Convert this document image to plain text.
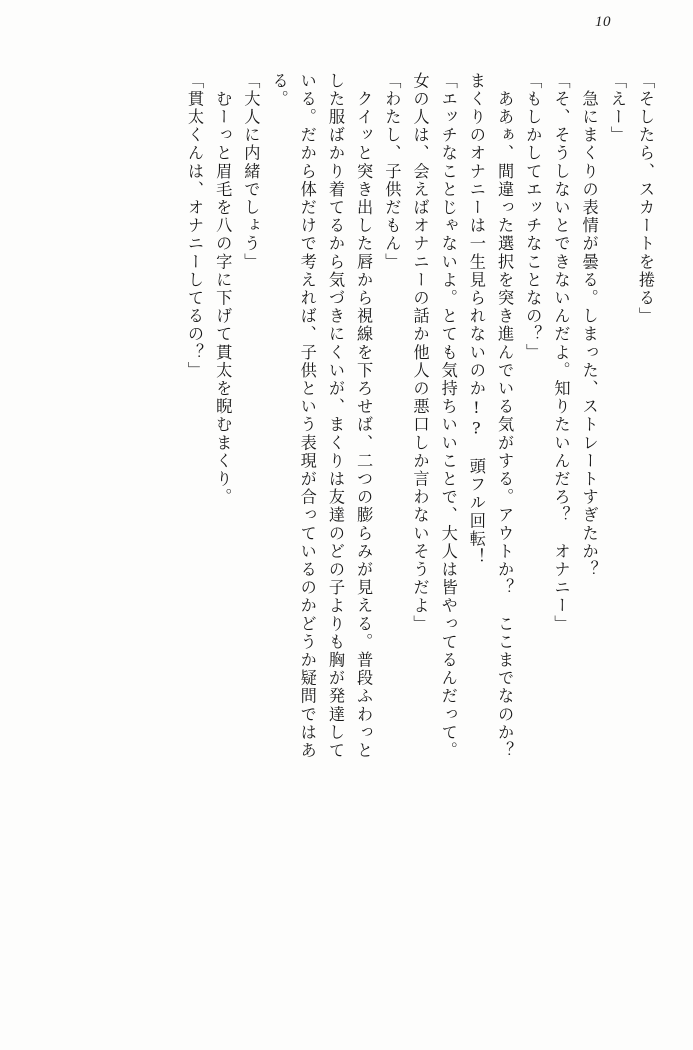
10
「そしたら、スカートを捲る」
「えー」
　急にまくりの表情が曇る。しまった、ストレートすぎたか？
「そ、そうしないとできないんだよ。知りたいんだろ？　オナニー」
「もしかしてエッチなことなの？」
　ああぁ、間違った選択を突き進んでいる気がする。アウトか？　ここまでなのか？
まくりのオナニーは一生見られないのか!?　頭フル回転！
「エッチなことじゃないよ。とても気持ちいいことで、大人は皆やってるんだって。
女の人は、会えばオナニーの話か他人の悪口しか言わないそうだよ」
「わたし、子供だもん」
　クイッと突き出した唇から視線を下ろせば、二つの膨らみが見える。普段ふわっと
した服ばかり着てるから気づきにくいが、まくりは友達のどの子よりも胸が発達して
いる。だから体だけで考えれば、子供という表現が合っているのかどうか疑問ではあ
る。
「大人に内緒でしょう」
　むーっと眉毛を八の字に下げて貫太を睨むまくり。
「貫太くんは、オナニーしてるの？」
